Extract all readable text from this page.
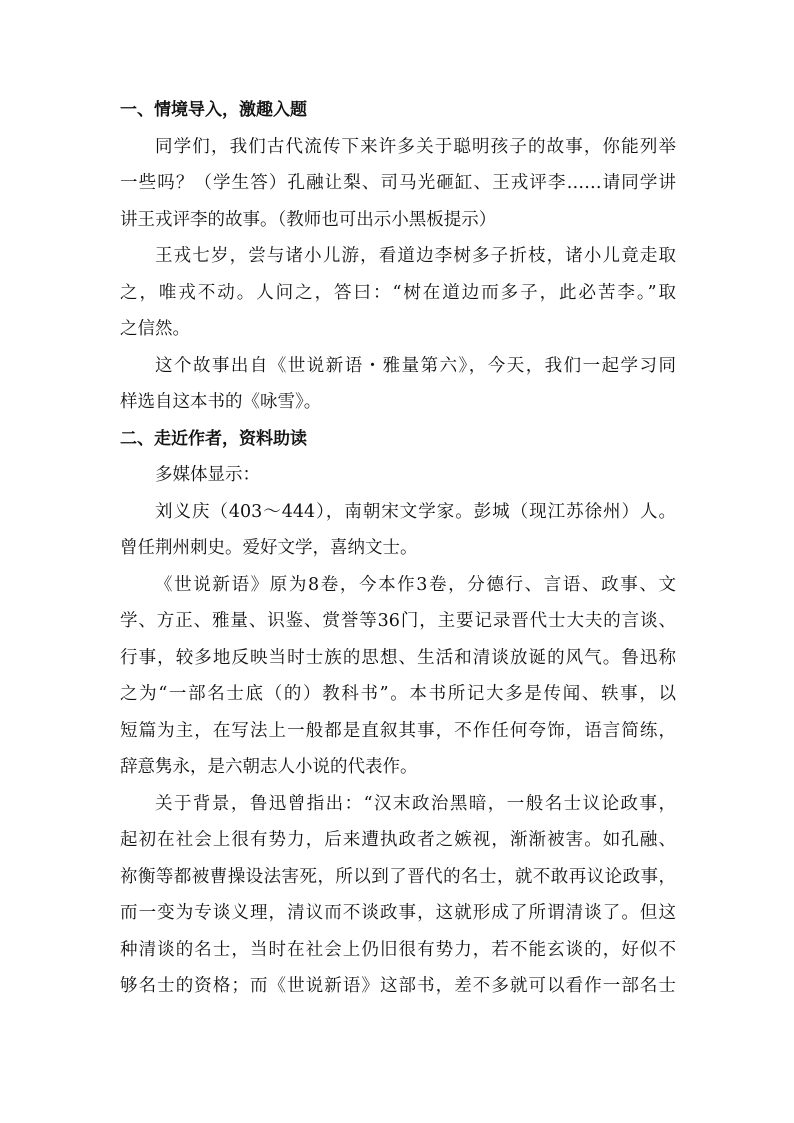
一、情境导入，激趣入题
同学们，我们古代流传下来许多关于聪明孩子的故事，你能列举
一些吗？（学生答）孔融让梨、司马光砸缸、王戎评李……请同学讲
讲王戎评李的故事。（教师也可出示小黑板提示）
王戎七岁，尝与诸小儿游，看道边李树多子折枝，诸小儿竟走取
之，唯戎不动。人问之，答曰：“树在道边而多子，此必苦李。”取
之信然。
这个故事出自《世说新语・雅量第六》，今天，我们一起学习同
样选自这本书的《咏雪》。
二、走近作者，资料助读
多媒体显示：
刘义庆（403～444），南朝宋文学家。彭城（现江苏徐州）人。
曾任荆州刺史。爱好文学，喜纳文士。
《世说新语》原为8卷，今本作3卷，分德行、言语、政事、文
学、方正、雅量、识鉴、赏誉等36门，主要记录晋代士大夫的言谈、
行事，较多地反映当时士族的思想、生活和清谈放诞的风气。鲁迅称
之为“一部名士底（的）教科书”。本书所记大多是传闻、轶事，以
短篇为主，在写法上一般都是直叙其事，不作任何夸饰，语言简练，
辞意隽永，是六朝志人小说的代表作。
关于背景，鲁迅曾指出：“汉末政治黑暗，一般名士议论政事，
起初在社会上很有势力，后来遭执政者之嫉视，渐渐被害。如孔融、
祢衡等都被曹操设法害死，所以到了晋代的名士，就不敢再议论政事，
而一变为专谈义理，清议而不谈政事，这就形成了所谓清谈了。但这
种清谈的名士，当时在社会上仍旧很有势力，若不能玄谈的，好似不
够名士的资格；而《世说新语》这部书，差不多就可以看作一部名士
